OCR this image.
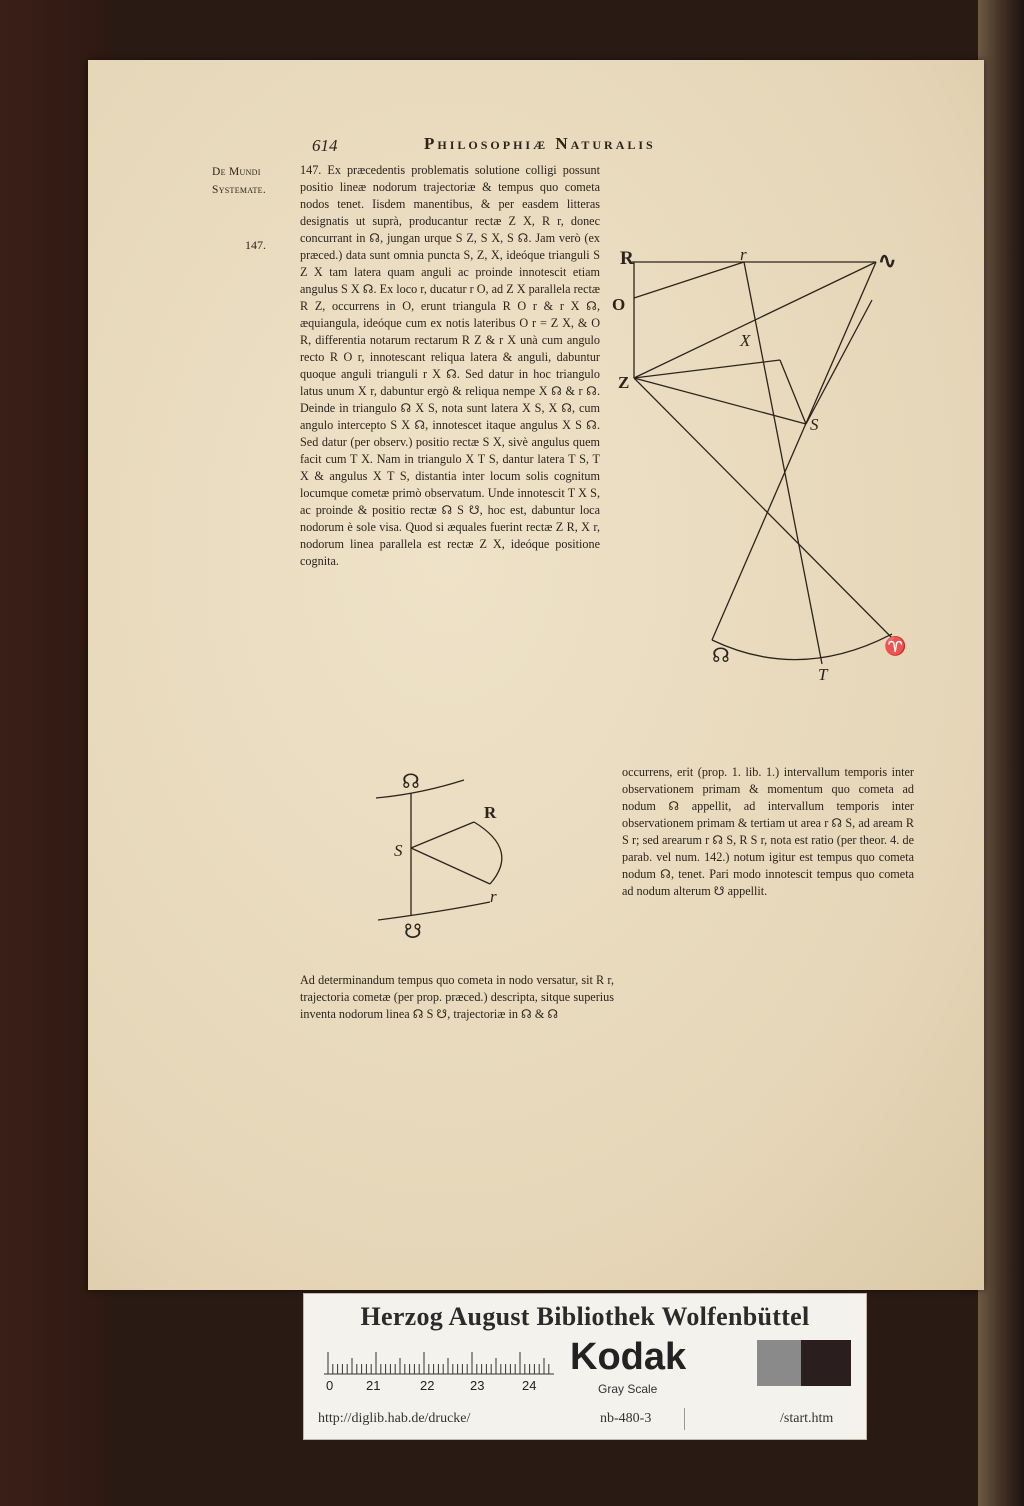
614	Philosophiæ Naturalis
De Mundi Systemate.
147.

147. Ex præcedentis problematis solutione colligi possunt positio lineæ nodorum trajectoriæ & tempus quo cometa nodos tenet. Iisdem manentibus, & per easdem litteras designatis ut suprà, producantur rectæ Z X, R r, donec concurrant in ☊, jungan urque S Z, S X, S ☊. Jam verò (ex præced.) data sunt omnia puncta S, Z, X, ideóque trianguli S Z X tam latera quam anguli ac proinde innotescit etiam angulus S X ☊. Ex loco r, ducatur r O, ad Z X parallela rectæ R Z, occurrens in O, erunt triangula R O r & r X ☊, æquiangula, ideóque cum ex notis lateribus O r = Z X, & O R, differentia notarum rectarum R Z & r X unà cum angulo recto R O r, innotescant reliqua latera & anguli, dabuntur quoque anguli trianguli r X ☊. Sed datur in hoc triangulo latus unum X r, dabuntur ergò & reliqua nempe X ☊ & r ☊. Deinde in triangulo ☊ X S, nota sunt latera X S, X ☊, cum angulo intercepto S X ☊, innotescet itaque angulus X S ☊. Sed datur (per observ.) positio rectæ S X, sivè angulus quem facit cum T X. Nam in triangulo X T S, dantur latera T S, T X & angulus X T S, distantia inter locum solis cognitum locumque cometæ primò observatum. Unde innotescit T X S, ac proinde & positio rectæ ☊ S ☋, hoc est, dabuntur loca nodorum è sole visa. Quod si æquales fuerint rectæ Z R, X r, nodorum linea parallela est rectæ Z X, ideóque positione cognita.

R	r	∿
O
X
Z
S
☊
T
♈

occurrens, erit (prop. 1. lib. 1.) intervallum temporis inter observationem primam & momentum quo cometa ad nodum ☊ appellit, ad intervallum temporis inter observationem primam & tertiam ut area r ☊ S, ad aream R S r; sed arearum r ☊ S, R S r, nota est ratio (per theor. 4. de parab. vel num. 142.) notum igitur est tempus quo cometa nodum ☊, tenet. Pari modo innotescit tempus quo cometa ad nodum alterum ☋ appellit.

☊
R
S
r
☋

Ad determinandum tempus quo cometa in nodo versatur, sit R r, trajectoria cometæ (per prop. præced.) descripta, sitque superius inventa nodorum linea ☊ S ☋, trajectoriæ in ☊ & ☊

Herzog August Bibliothek Wolfenbüttel
0	21	22	23	24
Kodak
Gray Scale
http://diglib.hab.de/drucke/	nb-480-3	/start.htm
